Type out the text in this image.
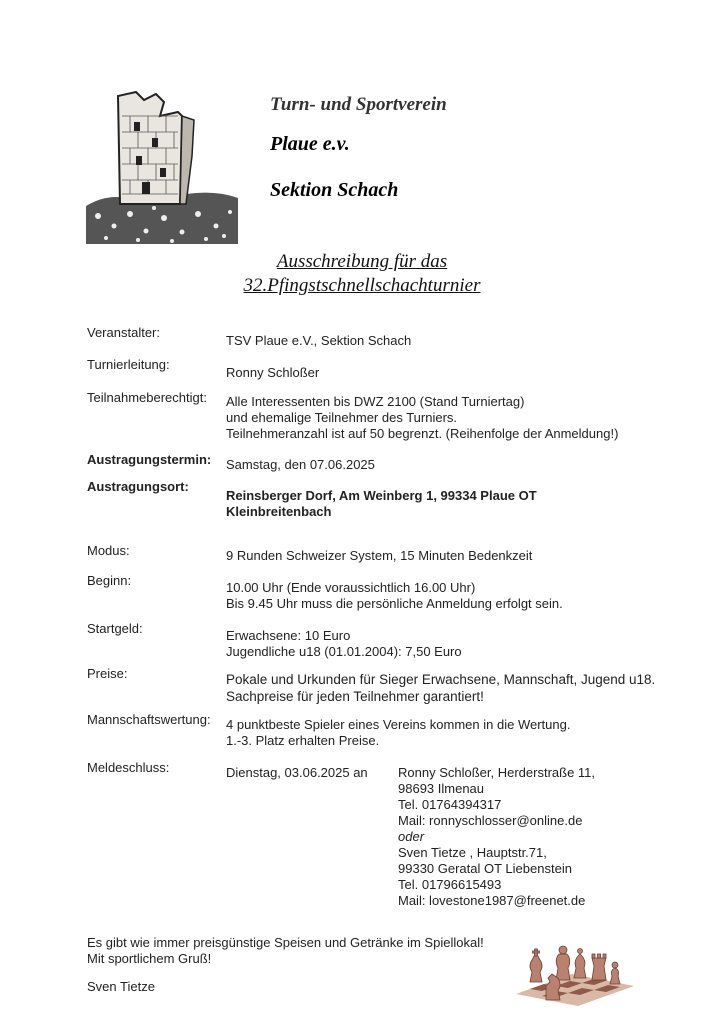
Turn- und Sportverein
Plaue e.v.
Sektion Schach
Ausschreibung für das
32.Pfingstschnellschachturnier
Veranstalter:
TSV Plaue e.V., Sektion Schach
Turnierleitung:
Ronny Schloßer
Teilnahmeberechtigt: Alle Interessenten bis DWZ 2100 (Stand Turniertag)
und ehemalige Teilnehmer des Turniers.
Teilnehmeranzahl ist auf 50 begrenzt. (Reihenfolge der Anmeldung!)
Austragungstermin: Samstag, den 07.06.2025
Austragungsort:
Reinsberger Dorf, Am Weinberg 1, 99334 Plaue OT
Kleinbreitenbach
Modus:	9 Runden Schweizer System, 15 Minuten Bedenkzeit
Beginn:	10.00 Uhr (Ende voraussichtlich 16.00 Uhr)
Bis 9.45 Uhr muss die persönliche Anmeldung erfolgt sein.
Startgeld:	Erwachsene: 10 Euro
Jugendliche u18 (01.01.2004): 7,50 Euro
Preise:	Pokale und Urkunden für Sieger Erwachsene, Mannschaft, Jugend u18.
Sachpreise für jeden Teilnehmer garantiert!
Mannschaftswertung: 4 punktbeste Spieler eines Vereins kommen in die Wertung.
1.-3. Platz erhalten Preise.
Meldeschluss:	Dienstag, 03.06.2025 an Ronny Schloßer, Herderstraße 11,
98693 Ilmenau
Tel. 01764394317
Mail: ronnyschlosser@online.de
oder
Sven Tietze , Hauptstr.71,
99330 Geratal OT Liebenstein
Tel. 01796615493
Mail: lovestone1987@freenet.de
Es gibt wie immer preisgünstige Speisen und Getränke im Spiellokal!
Mit sportlichem Gruß!
Sven Tietze
